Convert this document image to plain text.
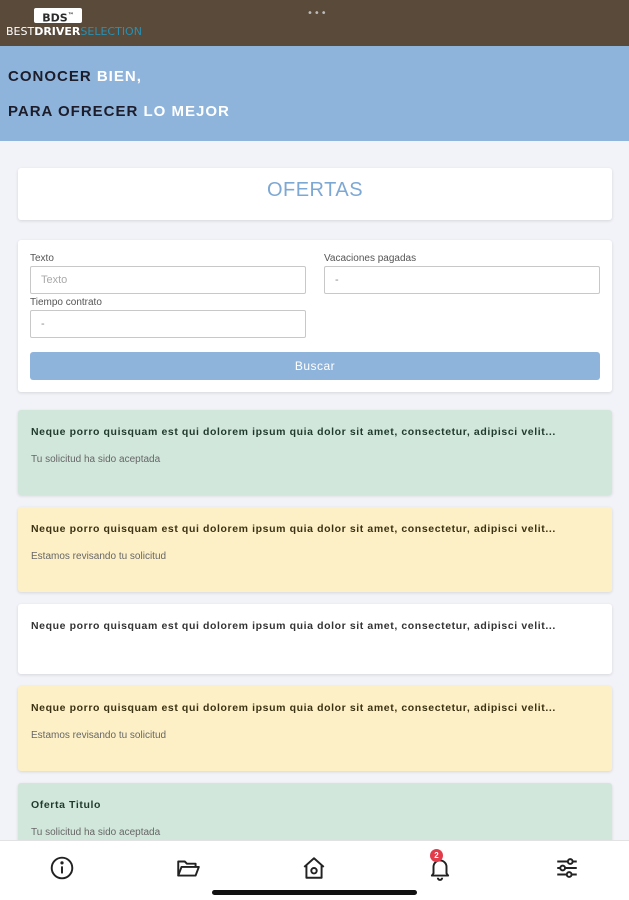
•••
BDS™
BESTDRIVERSELECTION
CONOCER BIEN,
PARA OFRECER LO MEJOR
OFERTAS
Texto
Texto	Vacaciones pagadas
-
Tiempo contrato
-
Buscar
Neque porro quisquam est qui dolorem ipsum quia dolor sit amet, consectetur, adipisci velit...
Tu solicitud ha sido aceptada
Neque porro quisquam est qui dolorem ipsum quia dolor sit amet, consectetur, adipisci velit...
Estamos revisando tu solicitud
Neque porro quisquam est qui dolorem ipsum quia dolor sit amet, consectetur, adipisci velit...
Neque porro quisquam est qui dolorem ipsum quia dolor sit amet, consectetur, adipisci velit...
Estamos revisando tu solicitud
Oferta Titulo
Tu solicitud ha sido aceptada
2
